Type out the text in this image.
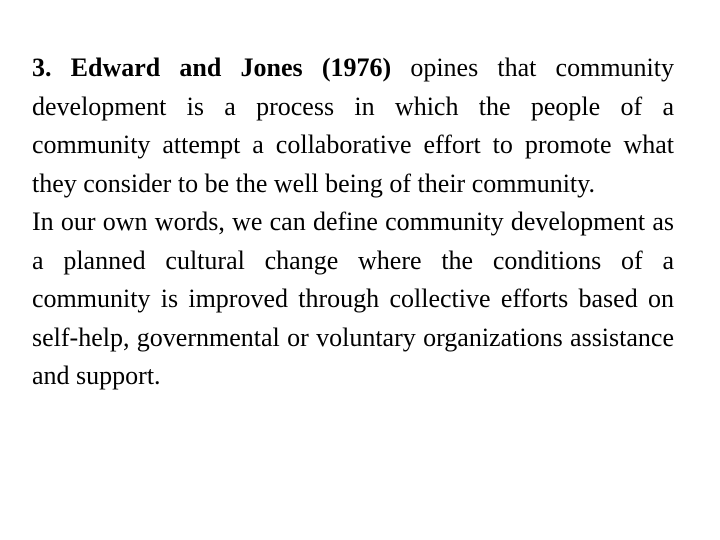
3. Edward and Jones (1976) opines that community development is a process in which the people of a community attempt a collaborative effort to promote what they consider to be the well being of their community.

In our own words, we can define community development as a planned cultural change where the conditions of a community is improved through collective efforts based on self-help, governmental or voluntary organizations assistance and support.
